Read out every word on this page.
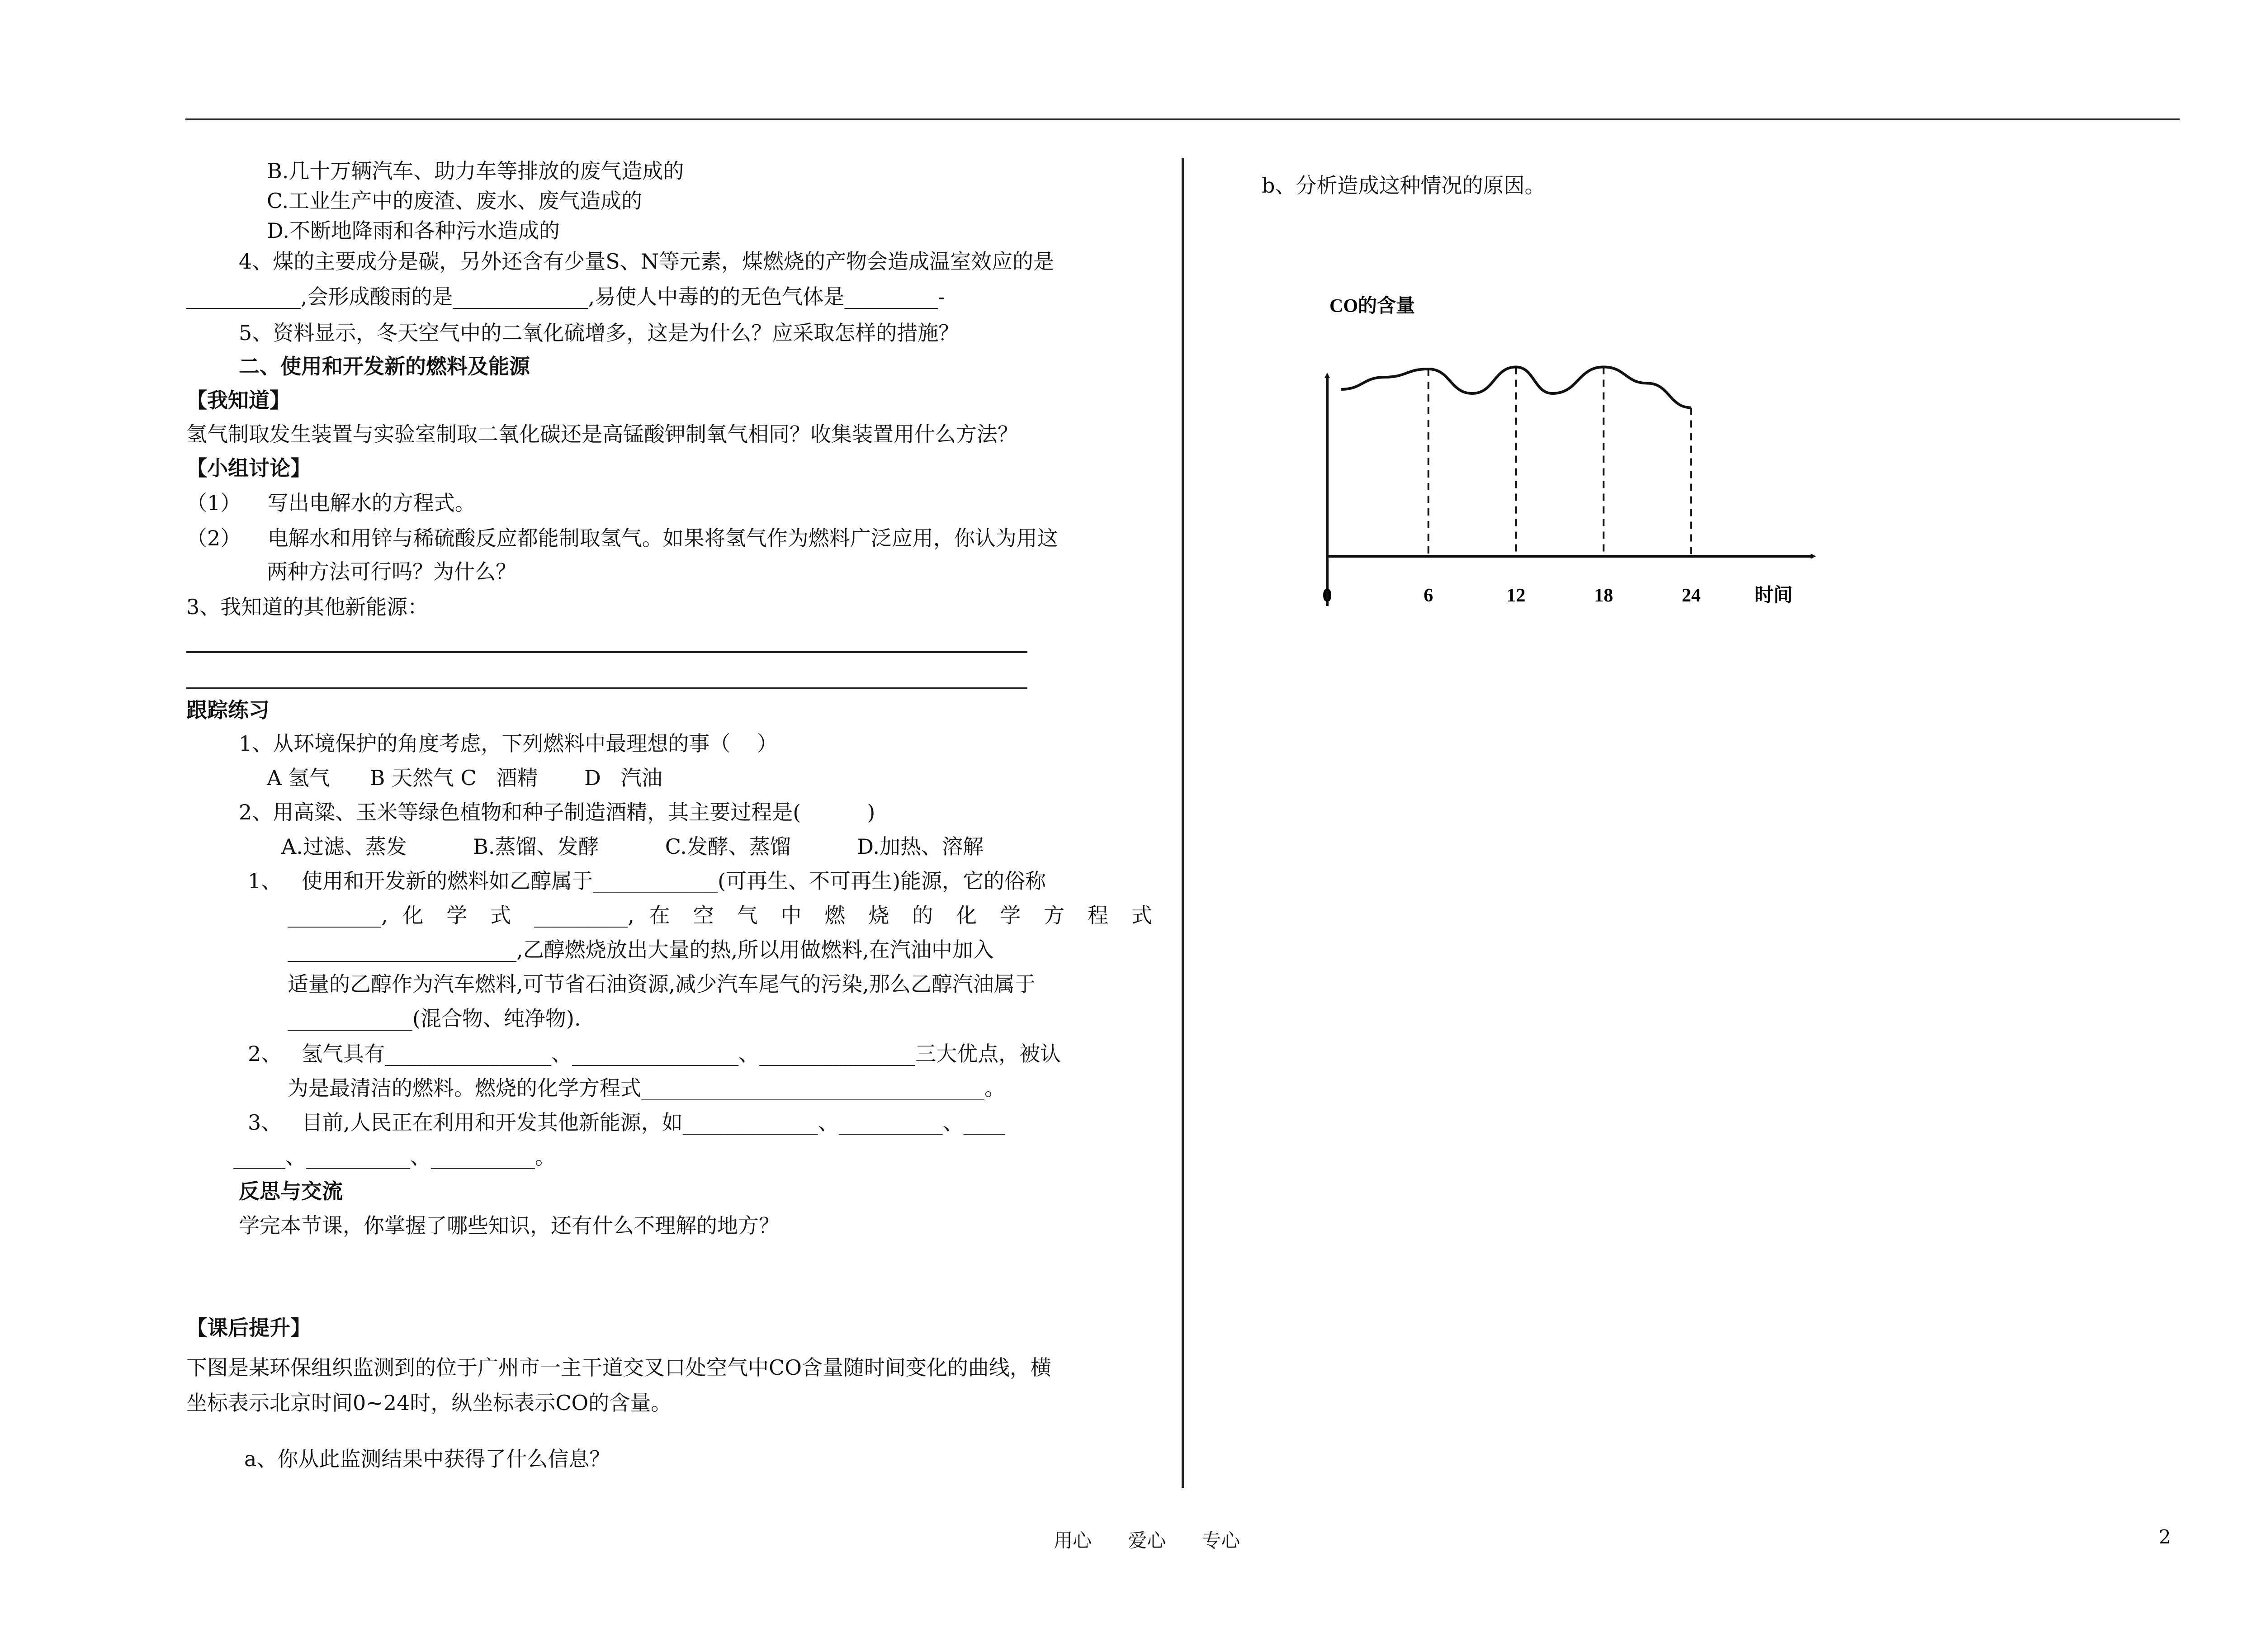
B.几十万辆汽车、助力车等排放的废气造成的
C.工业生产中的废渣、废水、废气造成的
D.不断地降雨和各种污水造成的
4、煤的主要成分是碳，另外还含有少量S、N等元素，煤燃烧的产物会造成温室效应的是
___________,会形成酸雨的是_____________,易使人中毒的的无色气体是_________-
5、资料显示，冬天空气中的二氧化硫增多，这是为什么？应采取怎样的措施？
二、使用和开发新的燃料及能源
【我知道】
氢气制取发生装置与实验室制取二氧化碳还是高锰酸钾制氧气相同？收集装置用什么方法？
【小组讨论】
（1）    写出电解水的方程式。
（2）    电解水和用锌与稀硫酸反应都能制取氢气。如果将氢气作为燃料广泛应用，你认为用这
两种方法可行吗？为什么？
3、我知道的其他新能源：
跟踪练习
1、从环境保护的角度考虑，下列燃料中最理想的事（    ）
A 氢气      B 天然气 C   酒精       D   汽油
2、用高粱、玉米等绿色植物和种子制造酒精，其主要过程是(          )
A.过滤、蒸发          B.蒸馏、发酵          C.发酵、蒸馏          D.加热、溶解
1、   使用和开发新的燃料如乙醇属于____________(可再生、不可再生)能源，它的俗称
_________, 化 学 式 _________, 在 空 气 中 燃 烧 的 化 学 方 程 式
______________________,乙醇燃烧放出大量的热,所以用做燃料,在汽油中加入
适量的乙醇作为汽车燃料,可节省石油资源,减少汽车尾气的污染,那么乙醇汽油属于
____________(混合物、纯净物).
2、   氢气具有________________、________________、_______________三大优点，被认
为是最清洁的燃料。燃烧的化学方程式_________________________________。
3、   目前,人民正在利用和开发其他新能源，如_____________、__________、____
_____、__________、__________。
反思与交流
学完本节课，你掌握了哪些知识，还有什么不理解的地方？
【课后提升】
下图是某环保组织监测到的位于广州市一主干道交叉口处空气中CO含量随时间变化的曲线，横
坐标表示北京时间0~24时，纵坐标表示CO的含量。
a、你从此监测结果中获得了什么信息？
b、分析造成这种情况的原因。
CO的含量
0	6	12	18	24	时间
用心      爱心      专心	2
